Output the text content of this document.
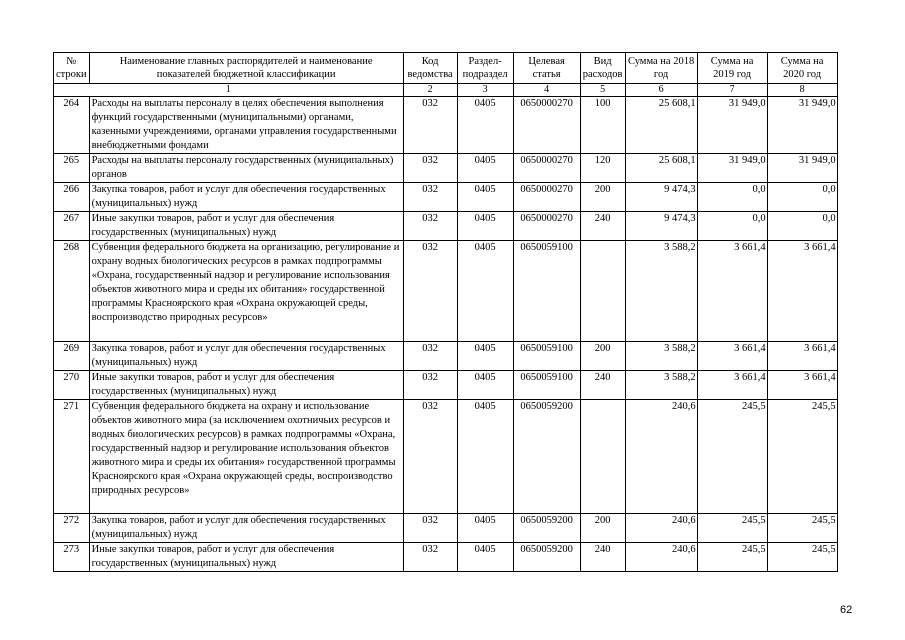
№ строки	Наименование главных распорядителей и наименование показателей бюджетной классификации	Код ведомства	Раздел-подраздел	Целевая статья	Вид расходов	Сумма на 2018 год	Сумма на 2019 год	Сумма на 2020 год
1		2	3	4	5	6	7	8
264	Расходы на выплаты персоналу в целях обеспечения выполнения функций государственными (муниципальными) органами, казенными учреждениями, органами управления государственными внебюджетными фондами	032	0405	0650000270	100	25 608,1	31 949,0	31 949,0
265	Расходы на выплаты персоналу государственных (муниципальных) органов	032	0405	0650000270	120	25 608,1	31 949,0	31 949,0
266	Закупка товаров, работ и услуг для обеспечения государственных (муниципальных) нужд	032	0405	0650000270	200	9 474,3	0,0	0,0
267	Иные закупки товаров, работ и услуг для обеспечения государственных (муниципальных) нужд	032	0405	0650000270	240	9 474,3	0,0	0,0
268	Субвенция федерального бюджета на организацию, регулирование и охрану водных биологических ресурсов в рамках подпрограммы «Охрана, государственный надзор и регулирование использования объектов животного мира и среды их обитания» государственной программы Красноярского края «Охрана окружающей среды, воспроизводство природных ресурсов»	032	0405	0650059100		3 588,2	3 661,4	3 661,4
269	Закупка товаров, работ и услуг для обеспечения государственных (муниципальных) нужд	032	0405	0650059100	200	3 588,2	3 661,4	3 661,4
270	Иные закупки товаров, работ и услуг для обеспечения государственных (муниципальных) нужд	032	0405	0650059100	240	3 588,2	3 661,4	3 661,4
271	Субвенция федерального бюджета на охрану и использование объектов животного мира (за исключением охотничьих ресурсов и водных биологических ресурсов) в рамках подпрограммы «Охрана, государственный надзор и регулирование использования объектов животного мира и среды их обитания» государственной программы Красноярского края «Охрана окружающей среды, воспроизводство природных ресурсов»	032	0405	0650059200		240,6	245,5	245,5
272	Закупка товаров, работ и услуг для обеспечения государственных (муниципальных) нужд	032	0405	0650059200	200	240,6	245,5	245,5
273	Иные закупки товаров, работ и услуг для обеспечения государственных (муниципальных) нужд	032	0405	0650059200	240	240,6	245,5	245,5
62
